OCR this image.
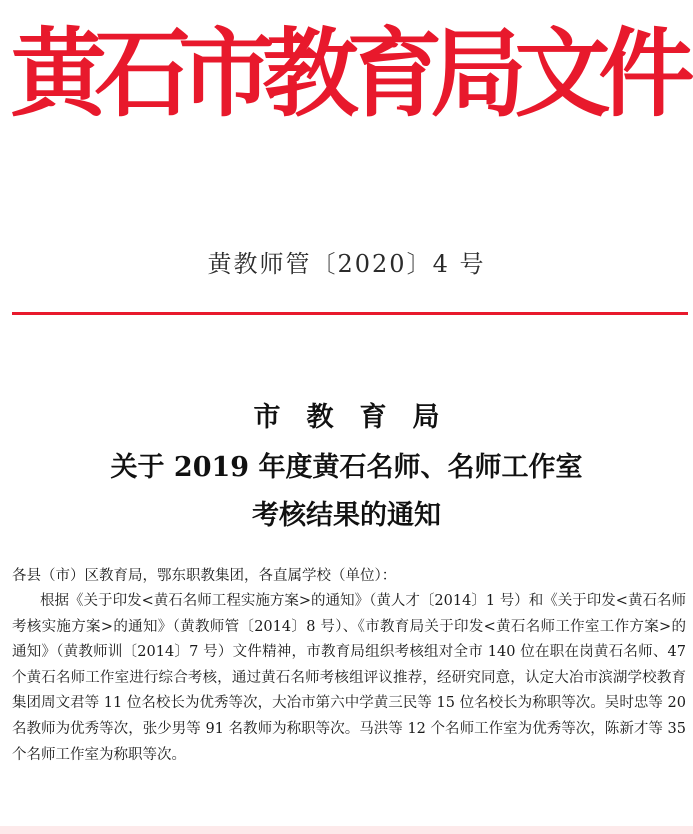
黄石市教育局文件
黄教师管〔2020〕4 号
市教育局
关于 2019 年度黄石名师、名师工作室
考核结果的通知
各县（市）区教育局，鄂东职教集团，各直属学校（单位）：
根据《关于印发<黄石名师工程实施方案>的通知》（黄人才〔2014〕1 号）和《关于印发<黄石名师考核实施方案>的通知》（黄教师管〔2014〕8 号）、《市教育局关于印发<黄石名师工作室工作方案>的通知》（黄教师训〔2014〕7 号）文件精神，市教育局组织考核组对全市 140 位在职在岗黄石名师、47 个黄石名师工作室进行综合考核，通过黄石名师考核组评议推荐，经研究同意，认定大冶市滨湖学校教育集团周文君等 11 位名校长为优秀等次，大冶市第六中学黄三民等 15 位名校长为称职等次。吴时忠等 20 名教师为优秀等次，张少男等 91 名教师为称职等次。马洪等 12 个名师工作室为优秀等次，陈新才等 35 个名师工作室为称职等次。
